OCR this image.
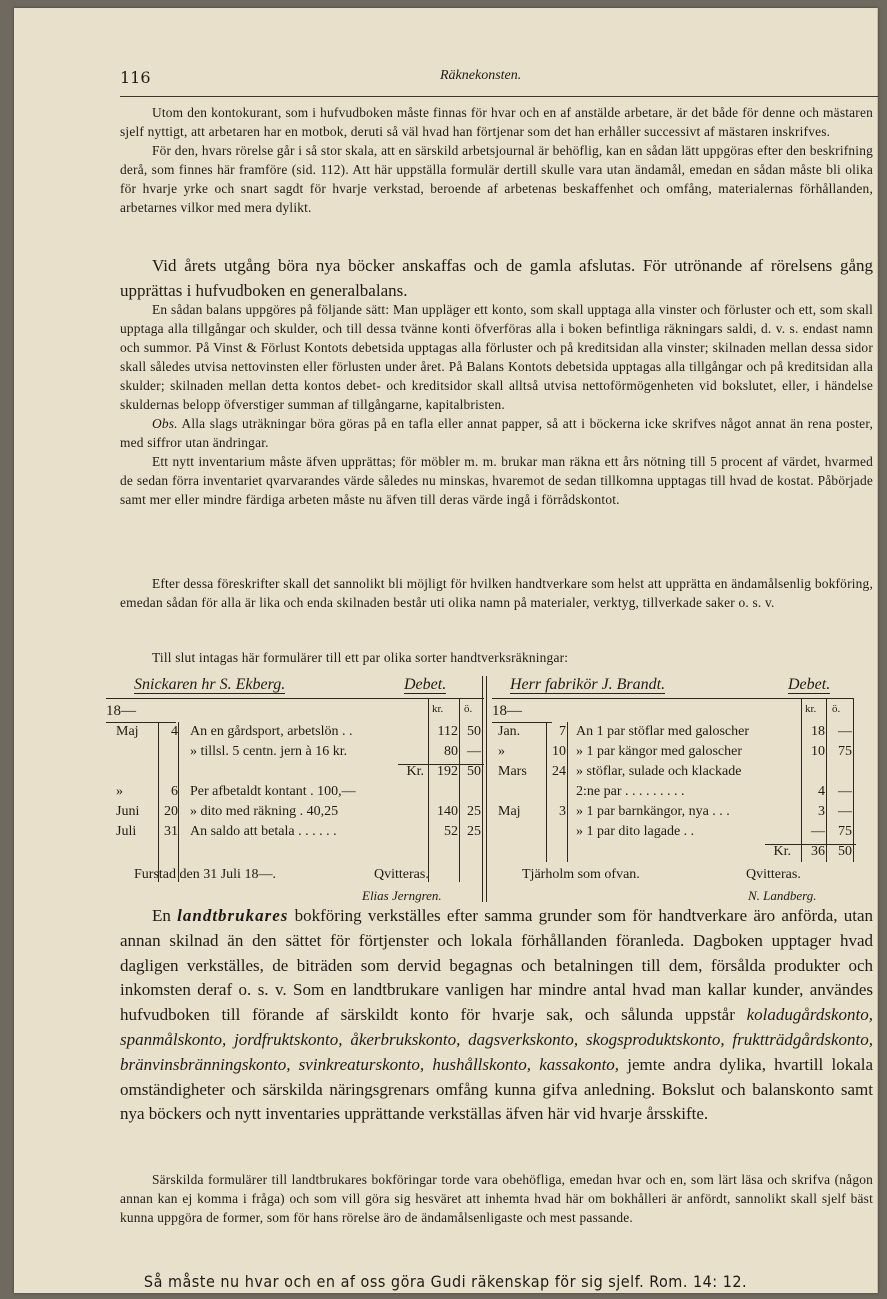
116	Räknekonsten.

Utom den kontokurant, som i hufvudboken måste finnas för hvar och en af anstälde arbetare, är det både för denne och mästaren sjelf nyttigt, att arbetaren har en motbok, deruti så väl hvad han förtjenar som det han erhåller successivt af mästaren inskrifves.

För den, hvars rörelse går i så stor skala, att en särskild arbetsjournal är behöflig, kan en sådan lätt uppgöras efter den beskrifning derå, som finnes här framföre (sid. 112). Att här uppställa formulär dertill skulle vara utan ändamål, emedan en sådan måste bli olika för hvarje yrke och snart sagdt för hvarje verkstad, beroende af arbetenas beskaffenhet och omfång, materialernas förhållanden, arbetarnes vilkor med mera dylikt.

Vid årets utgång böra nya böcker anskaffas och de gamla afslutas. För utrönande af rörelsens gång upprättas i hufvudboken en generalbalans.

En sådan balans uppgöres på följande sätt: Man uppläger ett konto, som skall upptaga alla vinster och förluster och ett, som skall upptaga alla tillgångar och skulder, och till dessa tvänne konti öfverföras alla i boken befintliga räkningars saldi, d. v. s. endast namn och summor. På Vinst & Förlust Kontots debetsida upptagas alla förluster och på kreditsidan alla vinster; skilnaden mellan dessa sidor skall således utvisa nettovinsten eller förlusten under året. På Balans Kontots debetsida upptagas alla tillgångar och på kreditsidan alla skulder; skilnaden mellan detta kontos debet- och kreditsidor skall alltså utvisa nettoförmögenheten vid bokslutet, eller, i händelse skuldernas belopp öfverstiger summan af tillgångarne, kapitalbristen.

Obs. Alla slags uträkningar böra göras på en tafla eller annat papper, så att i böckerna icke skrifves något annat än rena poster, med siffror utan ändringar.

Ett nytt inventarium måste äfven upprättas; för möbler m. m. brukar man räkna ett års nötning till 5 procent af värdet, hvarmed de sedan förra inventariet qvarvarandes värde således nu minskas, hvaremot de sedan tillkomna upptagas till hvad de kostat. Påbörjade samt mer eller mindre färdiga arbeten måste nu äfven till deras värde ingå i förrådskontot.

Efter dessa föreskrifter skall det sannolikt bli möjligt för hvilken handtverkare som helst att upprätta en ändamålsenlig bokföring, emedan sådan för alla är lika och enda skilnaden består uti olika namn på materialer, verktyg, tillverkade saker o. s. v.

Till slut intagas här formulärer till ett par olika sorter handtverksräkningar:

Snickaren hr S. Ekberg.	Debet.
18—	kr. ö.
Maj 4 An en gårdsport, arbetslön . .	112 50
» tillsl. 5 centn. jern à 16 kr.	80 —
Kr. 192 50
»	6 Per afbetaldt kontant . 100,—
Juni 20 » dito med räkning . 40,25	140 25
Juli 31 An saldo att betala . . . . . .	52 25
Furstad den 31 Juli 18—.	Qvitteras.
Elias Jerngren.
Herr fabrikör J. Brandt.	Debet.
18—	kr. ö.
Jan.	7 An 1 par stöflar med galoscher	18 —
»	10 » 1 par kängor med galoscher	10 75
Mars 24 » stöflar, sulade och klackade
2:ne par . . . . . . . . .	4 —
Maj	3 » 1 par barnkängor, nya . . .	3 —
» 1 par dito lagade . .	— 75
Kr. 36 50
Tjärholm som ofvan.	Qvitteras.
N. Landberg.

En landtbrukares bokföring verkställes efter samma grunder som för handtverkare äro anförda, utan annan skilnad än den sättet för förtjenster och lokala förhållanden föranleda. Dagboken upptager hvad dagligen verkställes, de biträden som dervid begagnas och betalningen till dem, försålda produkter och inkomsten deraf o. s. v. Som en landtbrukare vanligen har mindre antal hvad man kallar kunder, användes hufvudboken till förande af särskildt konto för hvarje sak, och sålunda uppstår koladugårdskonto, spanmålskonto, jordfruktskonto, åkerbrukskonto, dagsverkskonto, skogsproduktskonto, fruktträdgårdskonto, bränvinsbränningskonto, svinkreaturskonto, hushållskonto, kassakonto, jemte andra dylika, hvartill lokala omständigheter och särskilda näringsgrenars omfång kunna gifva anledning. Bokslut och balanskonto samt nya böckers och nytt inventaries upprättande verkställas äfven här vid hvarje årsskifte.

Särskilda formulärer till landtbrukares bokföringar torde vara obehöfliga, emedan hvar och en, som lärt läsa och skrifva (någon annan kan ej komma i fråga) och som vill göra sig hesväret att inhemta hvad här om bokhålleri är anfördt, sannolikt skall sjelf bäst kunna uppgöra de former, som för hans rörelse äro de ändamålsenligaste och mest passande.

Så måste nu hvar och en af oss göra Gudi räkenskap för sig sjelf. Rom. 14: 12.
